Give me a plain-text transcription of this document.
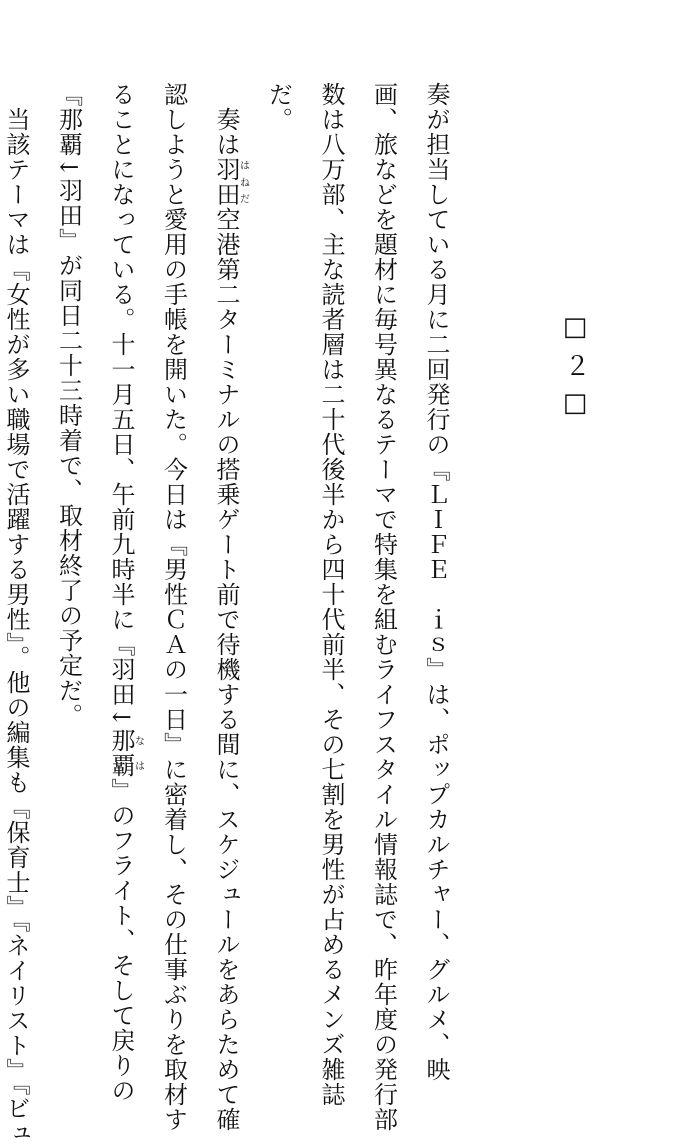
□２□
奏が担当している月に二回発行の『ＬＩＦＥ　ｉｓ』は、ポップカルチャー、グルメ、映
画、旅などを題材に毎号異なるテーマで特集を組むライフスタイル情報誌で、昨年度の発行部
数は八万部、主な読者層は二十代後半から四十代前半、その七割を男性が占めるメンズ雑誌
だ。
　奏は羽田はねだ空港第二ターミナルの搭乗ゲート前で待機する間に、スケジュールをあらためて確
認しようと愛用の手帳を開いた。今日は『男性ＣＡの一日』に密着し、その仕事ぶりを取材す
ることになっている。十一月五日、午前九時半に『羽田↓那覇なは』のフライト、そして戻りの
『那覇↓羽田』が同日二十三時着で、取材終了の予定だ。
　当該テーマは『女性が多い職場で活躍する男性』。他の編集も『保育士』『ネイリスト』『ビュ
